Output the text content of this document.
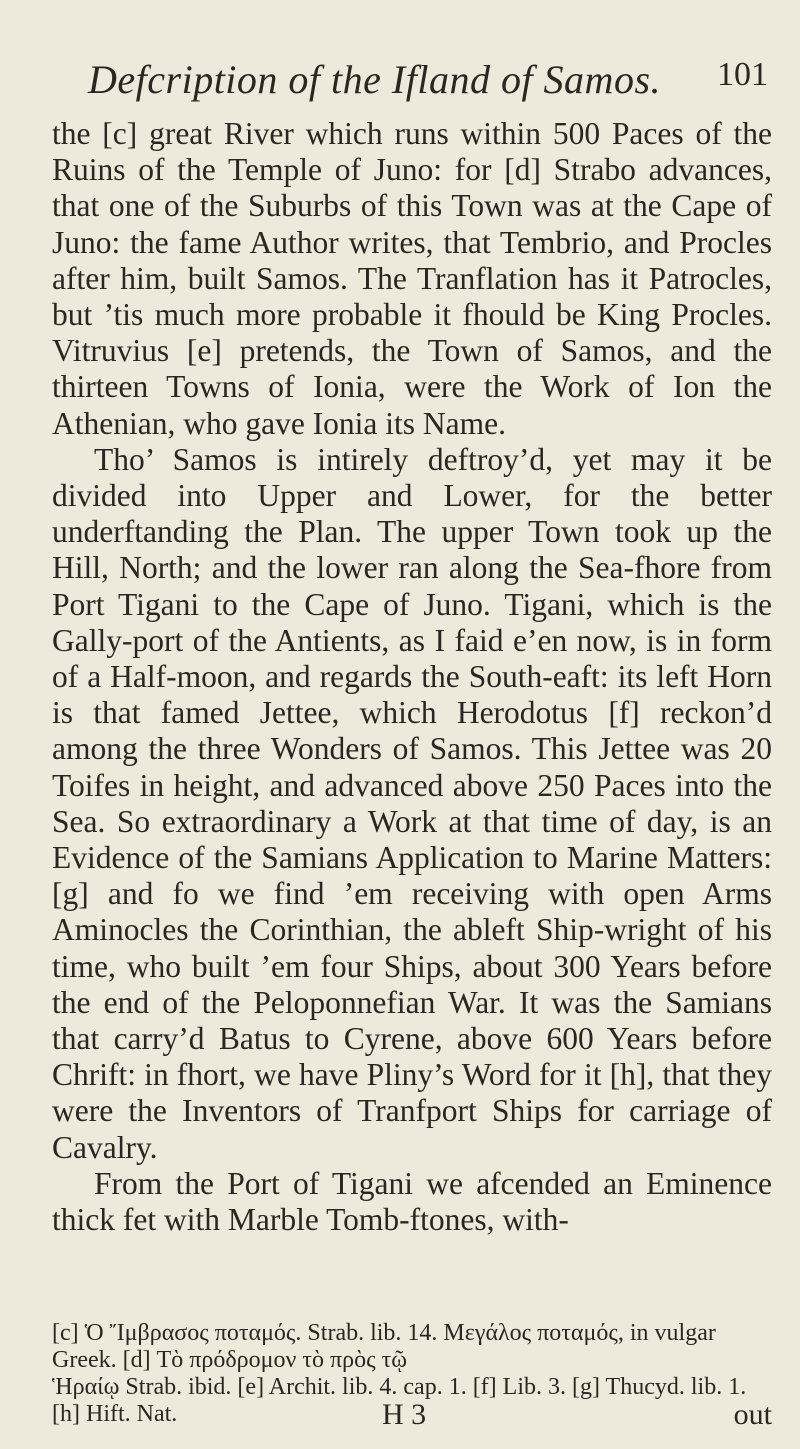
Defcription of the Ifland of Samos. 101

the [c] great River which runs within 500 Paces of the Ruins of the Temple of Juno: for [d] Strabo advances, that one of the Suburbs of this Town was at the Cape of Juno: the fame Author writes, that Tembrio, and Procles after him, built Samos. The Tranflation has it Patrocles, but ’tis much more probable it fhould be King Procles. Vitruvius [e] pretends, the Town of Samos, and the thirteen Towns of Ionia, were the Work of Ion the Athenian, who gave Ionia its Name.

Tho’ Samos is intirely deftroy’d, yet may it be divided into Upper and Lower, for the better underftanding the Plan. The upper Town took up the Hill, North; and the lower ran along the Sea-fhore from Port Tigani to the Cape of Juno. Tigani, which is the Gally-port of the Antients, as I faid e’en now, is in form of a Half-moon, and regards the South-eaft: its left Horn is that famed Jettee, which Herodotus [f] reckon’d among the three Wonders of Samos. This Jettee was 20 Toifes in height, and advanced above 250 Paces into the Sea. So extraordinary a Work at that time of day, is an Evidence of the Samians Application to Marine Matters: [g] and fo we find ’em receiving with open Arms Aminocles the Corinthian, the ableft Ship-wright of his time, who built ’em four Ships, about 300 Years before the end of the Peloponnefian War. It was the Samians that carry’d Batus to Cyrene, above 600 Years before Chrift: in fhort, we have Pliny’s Word for it [h], that they were the Inventors of Tranfport Ships for carriage of Cavalry.

From the Port of Tigani we afcended an Eminence thick fet with Marble Tomb-ftones, with-

[c] Ὁ Ἴμβρασος ποταμός. Strab. lib. 14. Μεγάλος ποταμός, in vulgar Greek. [d] Τὸ πρόδρομον τὸ πρὸς τῷ

Ἡραίῳ Strab. ibid. [e] Archit. lib. 4. cap. 1. [f] Lib. 3. [g] Thucyd. lib. 1. [h] Hift. Nat.	H 3	out
